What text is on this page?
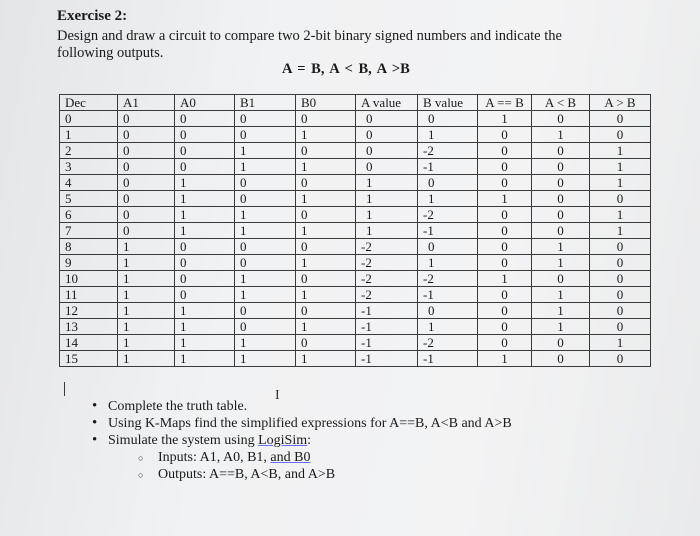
Exercise 2:
Design and draw a circuit to compare two 2-bit binary signed numbers and indicate the following outputs.
A = B, A < B, A >B
Dec	A1	A0	B1	B0	A value	B value	A == B	A < B	A > B
0	0	0	0	0	0	0	1	0	0
1	0	0	0	1	0	1	0	1	0
2	0	0	1	0	0	-2	0	0	1
3	0	0	1	1	0	-1	0	0	1
4	0	1	0	0	1	0	0	0	1
5	0	1	0	1	1	1	1	0	0
6	0	1	1	0	1	-2	0	0	1
7	0	1	1	1	1	-1	0	0	1
8	1	0	0	0	-2	0	0	1	0
9	1	0	0	1	-2	1	0	1	0
10	1	0	1	0	-2	-2	1	0	0
11	1	0	1	1	-2	-1	0	1	0
12	1	1	0	0	-1	0	0	1	0
13	1	1	0	1	-1	1	0	1	0
14	1	1	1	0	-1	-2	0	0	1
15	1	1	1	1	-1	-1	1	0	0
I
• Complete the truth table.
• Using K-Maps find the simplified expressions for A==B, A<B and A>B
• Simulate the system using LogiSim:
○ Inputs: A1, A0, B1, and B0
○ Outputs: A==B, A<B, and A>B
